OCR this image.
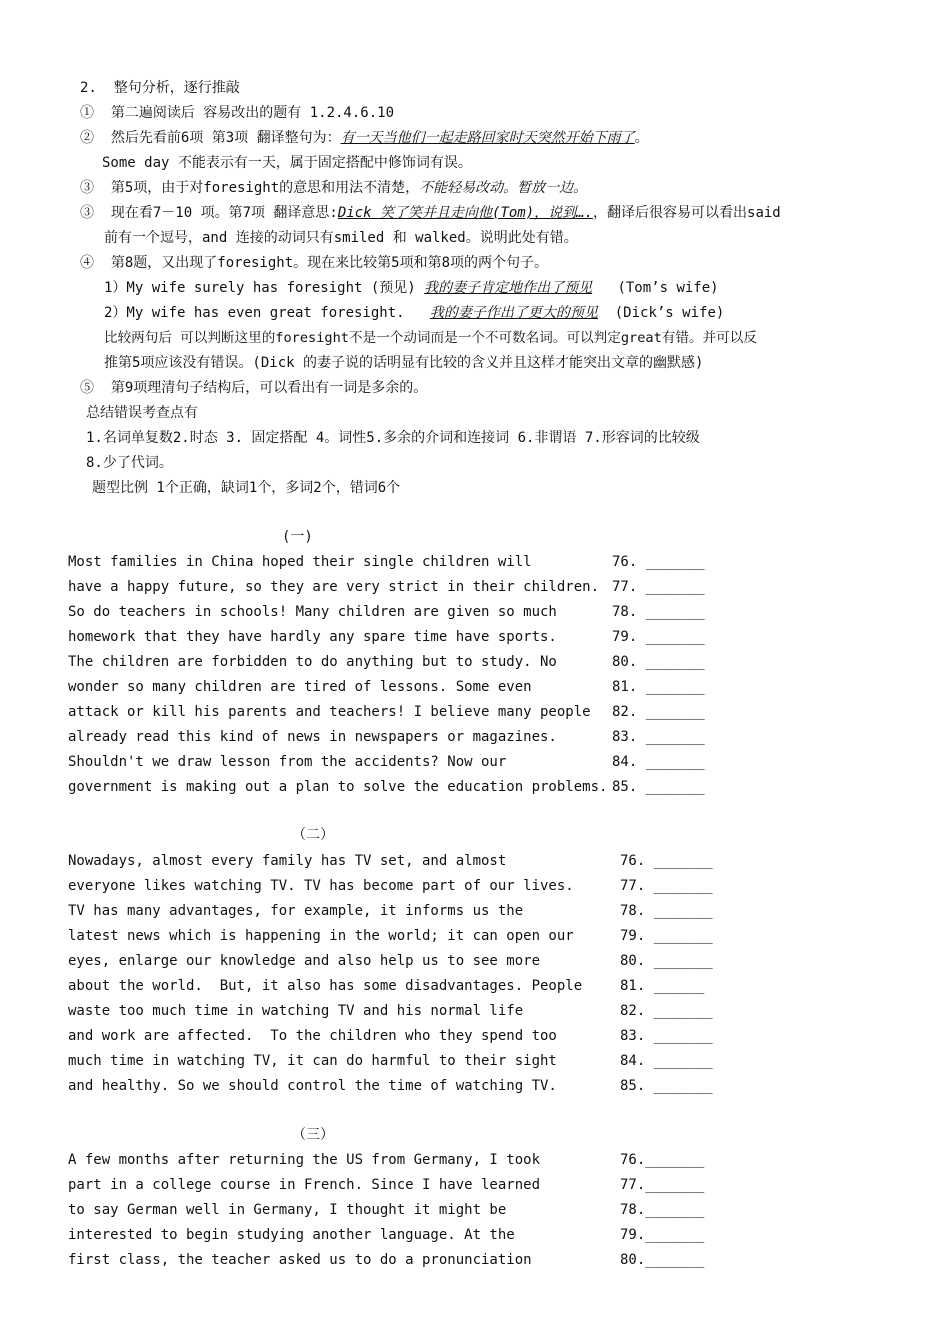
2.  整句分析，逐行推敲
①  第二遍阅读后 容易改出的题有 1.2.4.6.10
②  然后先看前6项 第3项 翻译整句为：有一天当他们一起走路回家时天突然开始下雨了。
Some day 不能表示有一天，属于固定搭配中修饰词有误。
③  第5项，由于对foresight的意思和用法不清楚，不能轻易改动。暂放一边。
③  现在看7－10 项。第7项 翻译意思:Dick 笑了笑并且走向他(Tom)，说到….，翻译后很容易可以看出said
前有一个逗号，and 连接的动词只有smiled 和 walked。说明此处有错。
④  第8题，又出现了foresight。现在来比较第5项和第8项的两个句子。
1）My wife surely has foresight (预见) 我的妻子肯定地作出了预见   (Tom’s wife)
2）My wife has even great foresight.   我的妻子作出了更大的预见  (Dick’s wife)
比较两句后 可以判断这里的foresight不是一个动词而是一个不可数名词。可以判定great有错。并可以反
推第5项应该没有错误。(Dick 的妻子说的话明显有比较的含义并且这样才能突出文章的幽默感)
⑤  第9项理清句子结构后，可以看出有一词是多余的。
总结错误考查点有
1.名词单复数2.时态 3. 固定搭配 4。词性5.多余的介词和连接词 6.非谓语 7.形容词的比较级
8.少了代词。
题型比例 1个正确，缺词1个，多词2个，错词6个
(一)
Most families in China hoped their single children will	76. _______
have a happy future, so they are very strict in their children. 77. _______
So do teachers in schools! Many children are given so much	78. _______
homework that they have hardly any spare time have sports.	79. _______
The children are forbidden to do anything but to study. No	80. _______
wonder so many children are tired of lessons. Some even	81. _______
attack or kill his parents and teachers! I believe many people 82. _______
already read this kind of news in newspapers or magazines.	83. _______
Shouldn't we draw lesson from the accidents? Now our	84. _______
government is making out a plan to solve the education problems. 85. _______
（二）
Nowadays, almost every family has TV set, and almost	76. _______
everyone likes watching TV. TV has become part of our lives.	77. _______
TV has many advantages, for example, it informs us the	78. _______
latest news which is happening in the world; it can open our	79. _______
eyes, enlarge our knowledge and also help us to see more	80. _______
about the world.  But, it also has some disadvantages. People	81. ______
waste too much time in watching TV and his normal life	82. _______
and work are affected.  To the children who they spend too	83. _______
much time in watching TV, it can do harmful to their sight	84. _______
and healthy. So we should control the time of watching TV.	85. _______
（三）
A few months after returning the US from Germany, I took	76._______
part in a college course in French. Since I have learned	77._______
to say German well in Germany, I thought it might be	78._______
interested to begin studying another language. At the	79._______
first class, the teacher asked us to do a pronunciation	80._______
